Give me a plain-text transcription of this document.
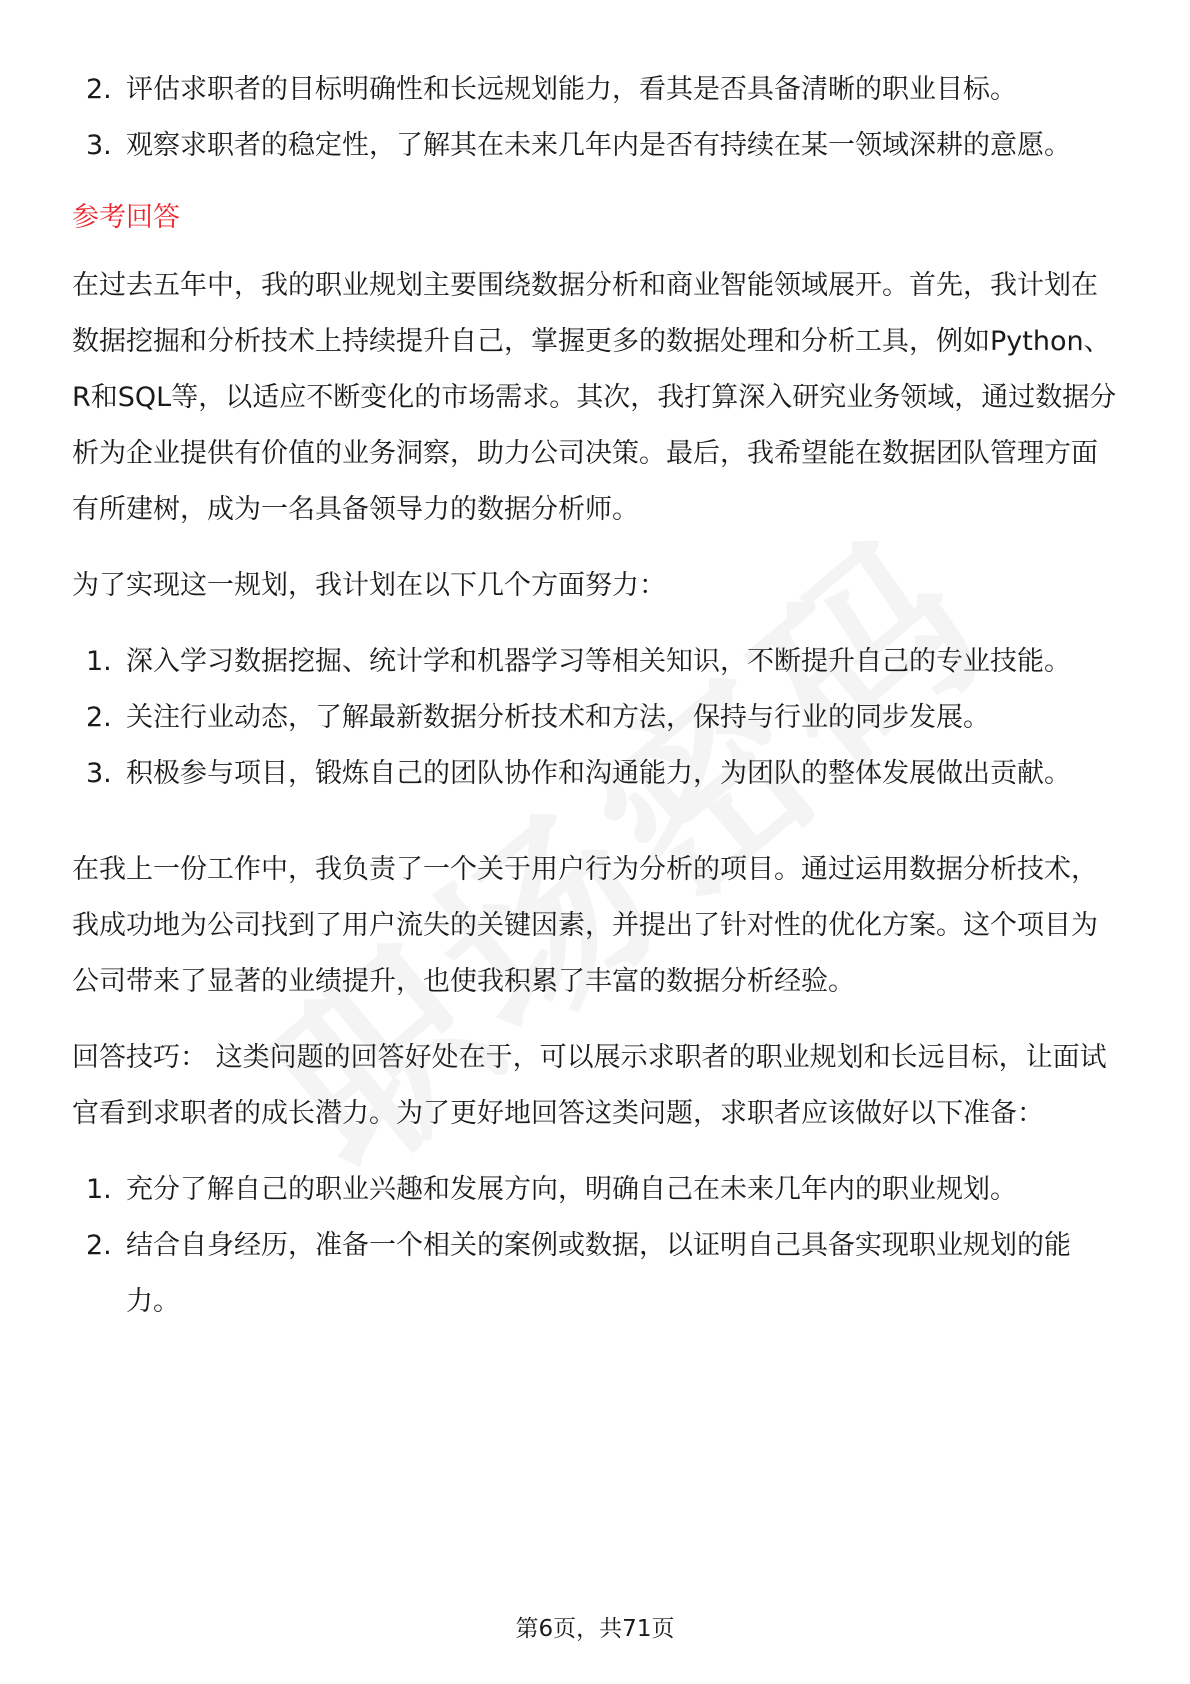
2. 评估求职者的目标明确性和长远规划能力，看其是否具备清晰的职业目标。
3. 观察求职者的稳定性，了解其在未来几年内是否有持续在某一领域深耕的意愿。
参考回答

在过去五年中，我的职业规划主要围绕数据分析和商业智能领域展开。首先，我计划在数据挖掘和分析技术上持续提升自己，掌握更多的数据处理和分析工具，例如Python、R和SQL等，以适应不断变化的市场需求。其次，我打算深入研究业务领域，通过数据分析为企业提供有价值的业务洞察，助力公司决策。最后，我希望能在数据团队管理方面有所建树，成为一名具备领导力的数据分析师。

为了实现这一规划，我计划在以下几个方面努力：

1. 深入学习数据挖掘、统计学和机器学习等相关知识，不断提升自己的专业技能。
2. 关注行业动态，了解最新数据分析技术和方法，保持与行业的同步发展。
3. 积极参与项目，锻炼自己的团队协作和沟通能力，为团队的整体发展做出贡献。

在我上一份工作中，我负责了一个关于用户行为分析的项目。通过运用数据分析技术，我成功地为公司找到了用户流失的关键因素，并提出了针对性的优化方案。这个项目为公司带来了显著的业绩提升，也使我积累了丰富的数据分析经验。

回答技巧： 这类问题的回答好处在于，可以展示求职者的职业规划和长远目标，让面试官看到求职者的成长潜力。为了更好地回答这类问题，求职者应该做好以下准备：

1. 充分了解自己的职业兴趣和发展方向，明确自己在未来几年内的职业规划。
2. 结合自身经历，准备一个相关的案例或数据，以证明自己具备实现职业规划的能力。
第6页，共71页
